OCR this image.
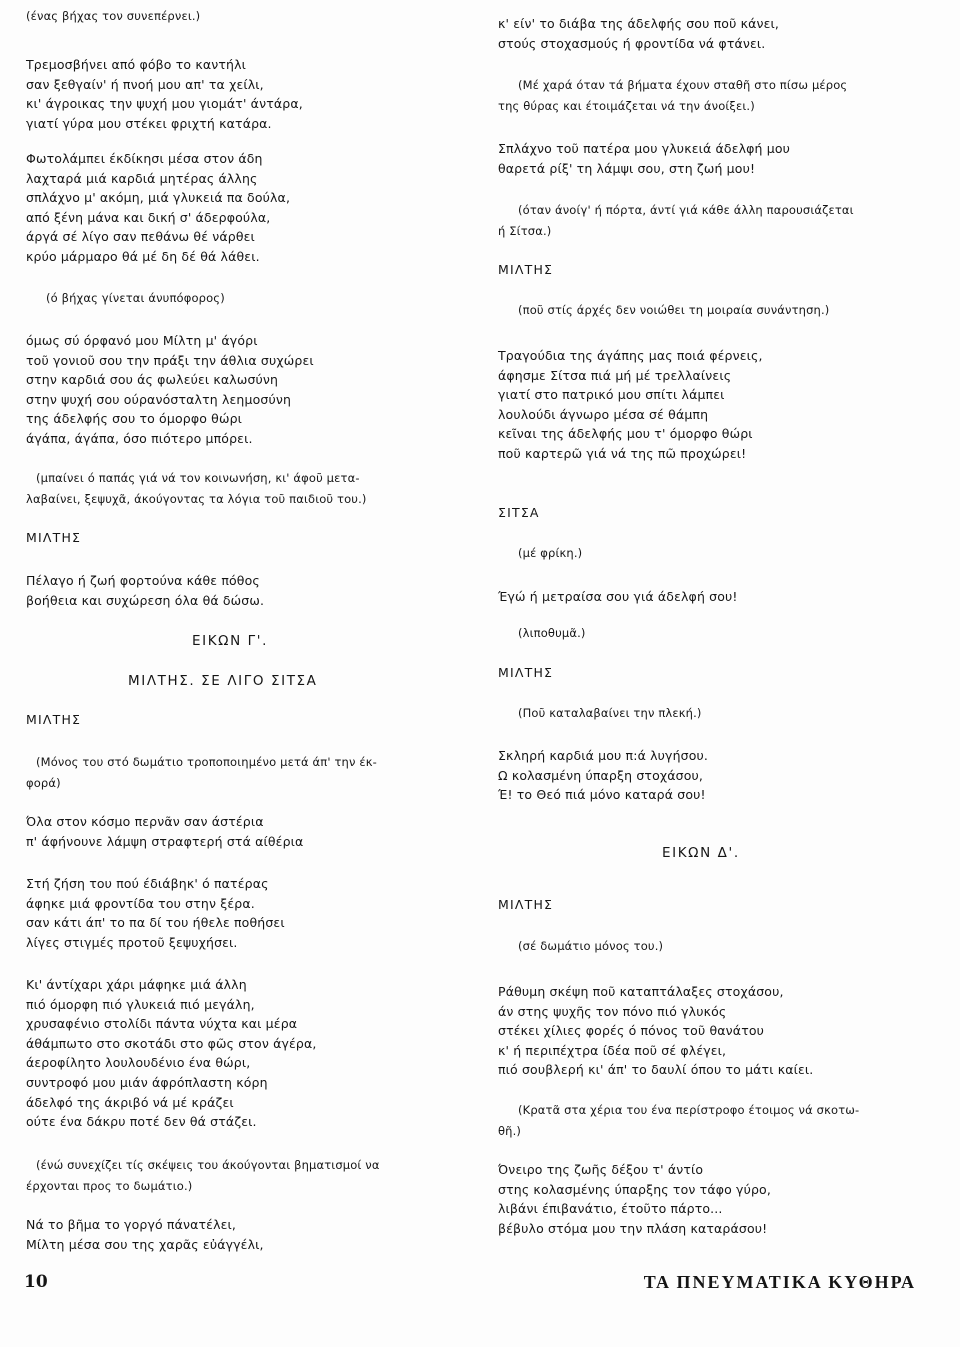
(ένας βήχας τον συνεπέρνει.)
Τρεμοσβήνει από φόβο το καντήλι
σαν ξεθγαίν' ή πνοή μου απ' τα χείλι,
κι' άγροικας την ψυχή μου γιομάτ' άντάρα,
γιατί γύρα μου στέκει φριχτή κατάρα.
Φωτολάμπει έκδίκησι μέσα στον άδη
λαχταρά μιά καρδιά μητέρας άλλης
σπλάχνο μ' ακόμη, μιά γλυκειά πα δούλα,
από ξένη μάνα και δική σ' άδερφούλα,
άργά σέ λίγο σαν πεθάνω θέ νάρθει
κρύο μάρμαρο θά μέ δη δέ θά λάθει.
(ό βήχας γίνεται άνυπόφορος)
όμως σύ όρφανό μου Μίλτη μ' άγόρι
τοῦ γονιοῦ σου την πράξι την άθλια συχώρει
στην καρδιά σου άς φωλεύει καλωσύνη
στην ψυχή σου ούρανόσταλτη λεημοσύνη
της άδελφής σου το όμορφο θώρι
άγάπα, άγάπα, όσο πιότερο μπόρει.
(μπαίνει ό παπάς γιά νά τον κοινωνήση, κι' άφοῦ μετα-
λαβαίνει, ξεψυχᾶ, άκούγοντας τα λόγια τοῦ παιδιοῦ του.)
ΜΙΛΤΗΣ
Πέλαγο ή ζωή φορτούνα κάθε πόθος
βοήθεια και συχώρεση όλα θά δώσω.
ΕΙΚΩΝ Γ'.
ΜΙΛΤΗΣ. ΣΕ ΛΙΓΟ ΣΙΤΣΑ
ΜΙΛΤΗΣ
(Μόνος του στό δωμάτιο τροποποιημένο μετά άπ' την έκ-
φορά)
Όλα στον κόσμο περνᾶν σαν άστέρια
π' άφήνουνε λάμψη στραφτερή στά αίθέρια
Στή ζήση του πού έδιάβηκ' ό πατέρας
άφηκε μιά φροντίδα του στην ξέρα.
σαν κάτι άπ' το πα δί του ήθελε ποθήσει
λίγες στιγμές προτοῦ ξεψυχήσει.
Κι' άντίχαρι χάρι μάφηκε μιά άλλη
πιό όμορφη πιό γλυκειά πιό μεγάλη,
χρυσαφένιο στολίδι πάντα νύχτα και μέρα
άθάμπωτο στο σκοτάδι στο φῶς στον άγέρα,
άεροφίλητο λουλουδένιο ένα θώρι,
συντροφό μου μιάν άφρόπλαστη κόρη
άδελφό της άκριβό νά μέ κράζει
ούτε ένα δάκρυ ποτέ δεν θά στάζει.
(ένώ συνεχίζει τίς σκέψεις του άκούγονται βηματισμοί να
έρχονται προς το δωμάτιο.)
Νά το βῆμα το γοργό πάνατέλει,
Μίλτη μέσα σου της χαρᾶς εὐάγγέλι,
κ' είν' το διάβα της άδελφής σου ποῦ κάνει,
στούς στοχασμούς ή φροντίδα νά φτάνει.
(Μέ χαρά όταν τά βήματα έχουν σταθῆ στο πίσω μέρος
της θύρας και έτοιμάζεται νά την άνοίξει.)
Σπλάχνο τοῦ πατέρα μου γλυκειά άδελφή μου
θαρετά ρίξ' τη λάμψι σου, στη ζωή μου!
(όταν άνοίγ' ή πόρτα, άντί γιά κάθε άλλη παρουσιάζεται
ή Σίτσα.)
ΜΙΛΤΗΣ
(ποῦ στίς άρχές δεν νοιώθει τη μοιραία συνάντηση.)
Τραγούδια της άγάπης μας ποιά φέρνεις,
άφησμε Σίτσα πιά μή μέ τρελλαίνεις
γιατί στο πατρικό μου σπίτι λάμπει
λουλούδι άγνωρο μέσα σέ θάμπη
κεῖναι της άδελφής μου τ' όμορφο θώρι
ποῦ καρτερῶ γιά νά της πῶ προχώρει!
ΣΙΤΣΑ
(μέ φρίκη.)
Έγώ ή μετραίσα σου γιά άδελφή σου!
(λιποθυμᾶ.)
ΜΙΛΤΗΣ
(Ποῦ καταλαβαίνει την πλεκή.)
Σκληρή καρδιά μου π:ά λυγήσου.
Ω κολασμένη ύπαρξη στοχάσου,
Έ! το Θεό πιά μόνο καταρά σου!
ΕΙΚΩΝ Δ'.
ΜΙΛΤΗΣ
(σέ δωμάτιο μόνος του.)
Ράθυμη σκέψη ποῦ καταπτάλαξες στοχάσου,
άν στης ψυχῆς τον πόνο πιό γλυκός
στέκει χίλιες φορές ό πόνος τοῦ θανάτου
κ' ή περιπέχτρα ίδέα ποῦ σέ φλέγει,
πιό σουβλερή κι' άπ' το δαυλί όπου το μάτι καίει.
(Κρατᾶ στα χέρια του ένα περίστροφο έτοιμος νά σκοτω-
θῆ.)
Όνειρο της ζωῆς δέξου τ' άντίο
στης κολασμένης ύπαρξης τον τάφο γύρο,
λιβάνι έπιβανάτιο, έτοῦτο πάρτο...
βέβυλο στόμα μου την πλάση καταράσου!
10	ΤΑ ΠΝΕΥΜΑΤΙΚΑ ΚΥΘΗΡΑ
